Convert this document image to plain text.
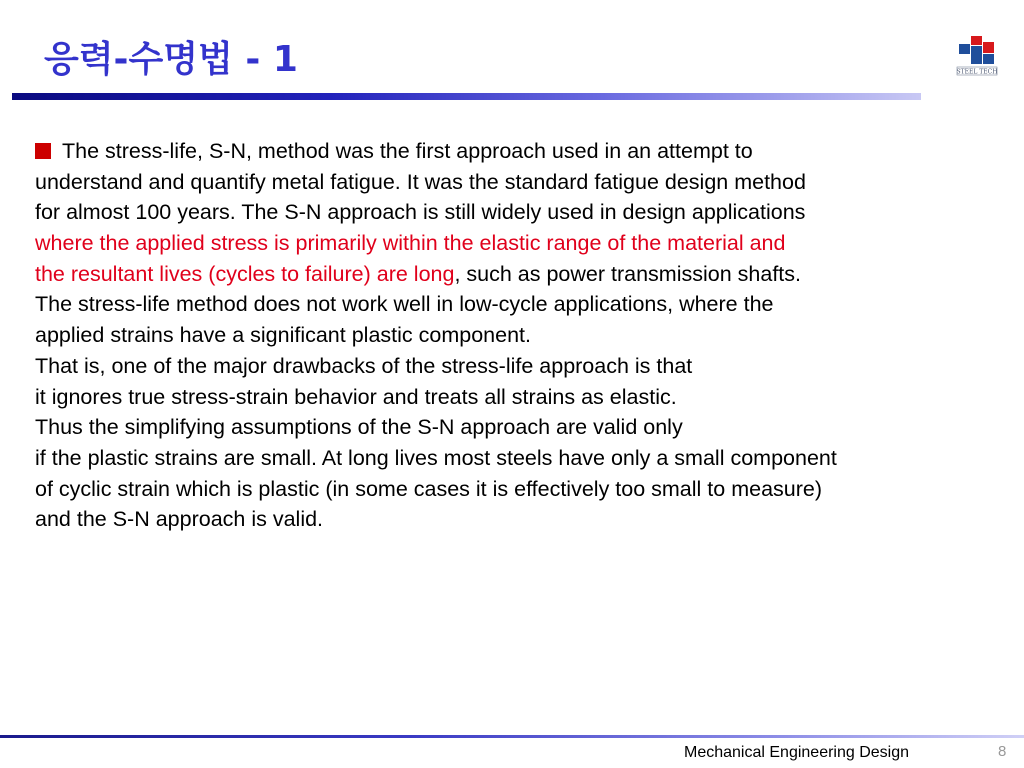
응력-수명법 - 1	STEEL TECH
The stress-life, S-N, method was the first approach used in an attempt to
understand and quantify metal fatigue. It was the standard fatigue design method
for almost 100 years. The S-N approach is still widely used in design applications
where the applied stress is primarily within the elastic range of the material and
the resultant lives (cycles to failure) are long, such as power transmission shafts.
The stress-life method does not work well in low-cycle applications, where the
applied strains have a significant plastic component.
That is, one of the major drawbacks of the stress-life approach is that
it ignores true stress-strain behavior and treats all strains as elastic.
Thus the simplifying assumptions of the S-N approach are valid only
if the plastic strains are small. At long lives most steels have only a small component
of cyclic strain which is plastic (in some cases it is effectively too small to measure)
and the S-N approach is valid.
Mechanical Engineering Design	8
